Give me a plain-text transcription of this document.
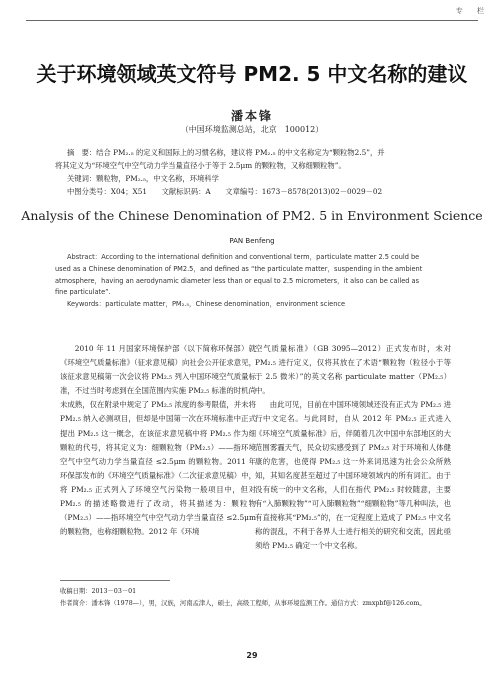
专 栏
关于环境领域英文符号 PM2. 5 中文名称的建议
潘本锋
（中国环境监测总站，北京　100012）

摘　要：结合 PM₂.₅ 的定义和国际上的习惯名称，建议将 PM₂.₅ 的中文名称定为“颗粒物2.5”，并

将其定义为“环境空气中空气动力学当量直径小于等于 2.5μm 的颗粒物，又称细颗粒物”。

关键词：颗粒物，PM₂.₅，中文名称，环境科学

中图分类号：X04；X51　　文献标识码：A　　文章编号：1673－8578(2013)02－0029－02

Analysis of the Chinese Denomination of PM2. 5 in Environment Science
PAN Benfeng

Abstract：According to the international definition and conventional term，particulate matter 2.5 could be

used as a Chinese denomination of PM2.5，and defined as “the particulate matter，suspending in the ambient

atmosphere，having an aerodynamic diameter less than or equal to 2.5 micrometers，it also can be called as

fine particulate”.

Keywords：particulate matter，PM₂.₅，Chinese denomination，environment science

2010 年 11 月国家环境保护部（以下简称环保部）就《环境空气质量标准》（征求意见稿）向社会公开征求意见，该征求意见稿第一次会议将 PM₂.₅ 列入中国环境空气质量标准，不过当时考虑到在全国范围内实施 PM₂.₅ 标准的时机尚未成熟，仅在附录中规定了 PM₂.₅ 浓度的参考限值，并未将 PM₂.₅ 纳入必测项目，但却是中国第一次在环境标准中正式提出 PM₂.₅ 这一概念，在该征求意见稿中将 PM₂.₅ 作为细颗粒的代号，将其定义为：细颗粒物（PM₂.₅）——指环境空气中空气动力学当量直径 ≤2.5μm 的颗粒物。2011 年环保部发布的《环境空气质量标准》（二次征求意见稿）中，将 PM₂.₅ 正式列入了环境空气污染物一般项目中，但对 PM₂.₅ 的描述略微进行了改动，将其描述为：颗粒物（PM₂.₅）——指环境空气中空气动力学当量直径 ≤2.5μm 的颗粒物，也称细颗粒物。2012 年《环境

空气质量标准》（GB 3095—2012）正式发布时，未对 PM₂.₅ 进行定义，仅将其放在了术语“颗粒物（粒径小于等于 2.5 微米）”的英文名称 particulate matter（PM₂.₅）中。

由此可见，目前在中国环境领域还没有正式为 PM₂.₅ 进行中文定名。与此同时，自从 2012 年 PM₂.₅ 正式进入《环境空气质量标准》后，伴随着几次中国中东部地区的大范围雾霾天气，民众切实感受到了 PM₂.₅ 对于环境和人体健康的危害，也使得 PM₂.₅ 这一外来词迅速为社会公众所熟知，其知名度甚至超过了中国环境领域内的所有词汇。由于没有统一的中文名称，人们在指代 PM₂.₅ 时较随意，主要有“入肺颗粒物”“可入肺颗粒物”“细颗粒物”等几种叫法，也有直接称其“PM₂.₅”的，在一定程度上造成了 PM₂.₅ 中文名称的混乱，不利于各界人士进行相关的研究和交流，因此亟须给 PM₂.₅ 确定一个中文名称。

收稿日期：2013－03－01

作者简介：潘本锋（1978—），男，汉族，河南孟津人，硕士，高级工程师，从事环境监测工作。通信方式：zmxpbf@126.com。

29
